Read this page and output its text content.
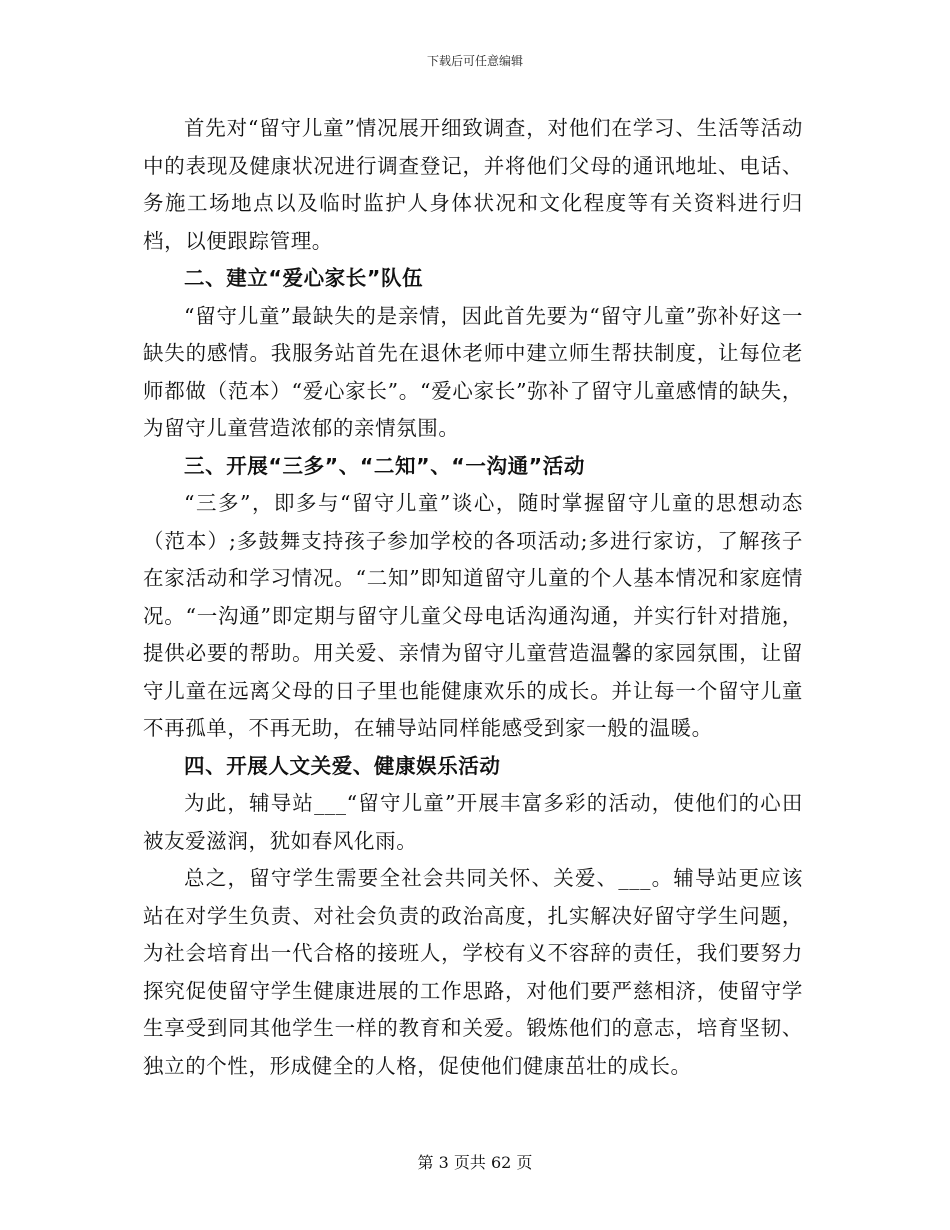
下载后可任意编辑

首先对“留守儿童”情况展开细致调查，对他们在学习、生活等活动中的表现及健康状况进行调查登记，并将他们父母的通讯地址、电话、务施工场地点以及临时监护人身体状况和文化程度等有关资料进行归档，以便跟踪管理。

二、建立“爱心家长”队伍

“留守儿童”最缺失的是亲情，因此首先要为“留守儿童”弥补好这一缺失的感情。我服务站首先在退休老师中建立师生帮扶制度，让每位老师都做（范本）“爱心家长”。“爱心家长”弥补了留守儿童感情的缺失，为留守儿童营造浓郁的亲情氛围。

三、开展“三多”、“二知”、“一沟通”活动

“三多”，即多与“留守儿童”谈心，随时掌握留守儿童的思想动态（范本）;多鼓舞支持孩子参加学校的各项活动;多进行家访，了解孩子在家活动和学习情况。“二知”即知道留守儿童的个人基本情况和家庭情况。“一沟通”即定期与留守儿童父母电话沟通沟通，并实行针对措施，提供必要的帮助。用关爱、亲情为留守儿童营造温馨的家园氛围，让留守儿童在远离父母的日子里也能健康欢乐的成长。并让每一个留守儿童不再孤单，不再无助，在辅导站同样能感受到家一般的温暖。

四、开展人文关爱、健康娱乐活动

为此，辅导站___“留守儿童”开展丰富多彩的活动，使他们的心田被友爱滋润，犹如春风化雨。

总之，留守学生需要全社会共同关怀、关爱、___。辅导站更应该站在对学生负责、对社会负责的政治高度，扎实解决好留守学生问题，为社会培育出一代合格的接班人，学校有义不容辞的责任，我们要努力探究促使留守学生健康进展的工作思路，对他们要严慈相济，使留守学生享受到同其他学生一样的教育和关爱。锻炼他们的意志，培育坚韧、独立的个性，形成健全的人格，促使他们健康茁壮的成长。

第 3 页共 62 页
